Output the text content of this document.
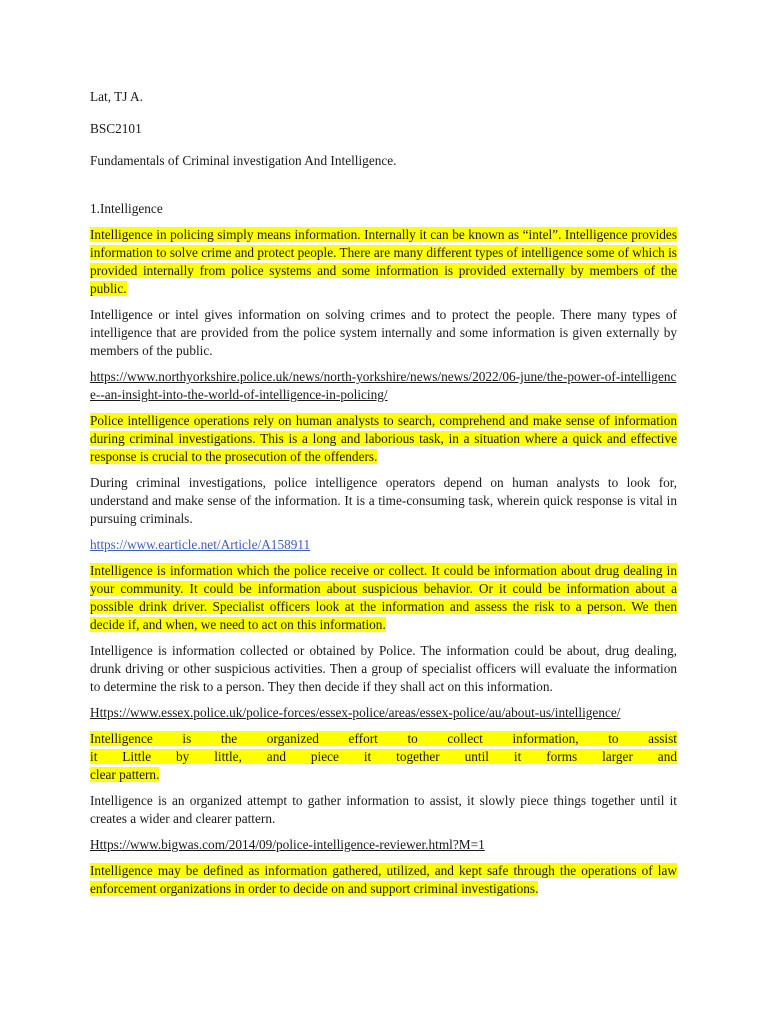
Lat, TJ A.

BSC2101

Fundamentals of Criminal investigation And Intelligence.

1.Intelligence

Intelligence in policing simply means information. Internally it can be known as “intel”. Intelligence provides information to solve crime and protect people. There are many different types of intelligence some of which is provided internally from police systems and some information is provided externally by members of the public.

Intelligence or intel gives information on solving crimes and to protect the people. There many types of intelligence that are provided from the police system internally and some information is given externally by members of the public.

https://www.northyorkshire.police.uk/news/north-yorkshire/news/news/2022/06-june/the-power-of-intelligence--an-insight-into-the-world-of-intelligence-in-policing/

Police intelligence operations rely on human analysts to search, comprehend and make sense of information during criminal investigations. This is a long and laborious task, in a situation where a quick and effective response is crucial to the prosecution of the offenders.

During criminal investigations, police intelligence operators depend on human analysts to look for, understand and make sense of the information. It is a time-consuming task, wherein quick response is vital in pursuing criminals.

https://www.earticle.net/Article/A158911

Intelligence is information which the police receive or collect. It could be information about drug dealing in your community. It could be information about suspicious behavior. Or it could be information about a possible drink driver. Specialist officers look at the information and assess the risk to a person. We then decide if, and when, we need to act on this information.

Intelligence is information collected or obtained by Police. The information could be about, drug dealing, drunk driving or other suspicious activities. Then a group of specialist officers will evaluate the information to determine the risk to a person. They then decide if they shall act on this information.

Https://www.essex.police.uk/police-forces/essex-police/areas/essex-police/au/about-us/intelligence/

Intelligence is the organized effort to collect information, to assist

it Little by little, and piece it together until it forms larger and

clear pattern.

Intelligence is an organized attempt to gather information to assist, it slowly piece things together until it creates a wider and clearer pattern.

Https://www.bigwas.com/2014/09/police-intelligence-reviewer.html?M=1

Intelligence may be defined as information gathered, utilized, and kept safe through the operations of law enforcement organizations in order to decide on and support criminal investigations.
